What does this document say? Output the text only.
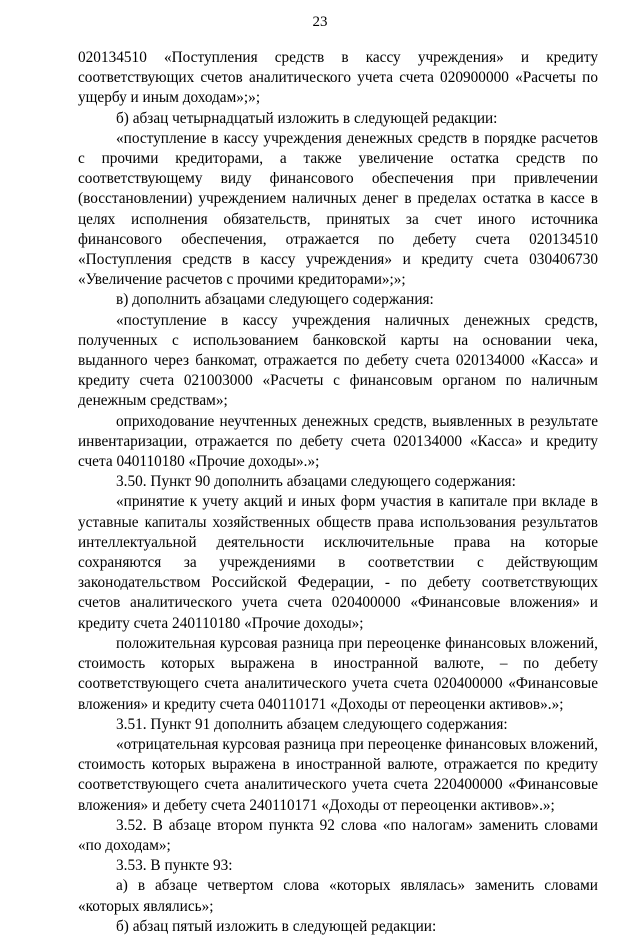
23

020134510 «Поступления средств в кассу учреждения» и кредиту соответствующих счетов аналитического учета счета 020900000 «Расчеты по ущербу и иным доходам»;»;

б) абзац четырнадцатый изложить в следующей редакции:

«поступление в кассу учреждения денежных средств в порядке расчетов с прочими кредиторами, а также увеличение остатка средств по соответствующему виду финансового обеспечения при привлечении (восстановлении) учреждением наличных денег в пределах остатка в кассе в целях исполнения обязательств, принятых за счет иного источника финансового обеспечения, отражается по дебету счета 020134510 «Поступления средств в кассу учреждения» и кредиту счета 030406730 «Увеличение расчетов с прочими кредиторами»;»;

в) дополнить абзацами следующего содержания:

«поступление в кассу учреждения наличных денежных средств, полученных с использованием банковской карты на основании чека, выданного через банкомат, отражается по дебету счета 020134000 «Касса» и кредиту счета 021003000 «Расчеты с финансовым органом по наличным денежным средствам»;

оприходование неучтенных денежных средств, выявленных в результате инвентаризации, отражается по дебету счета 020134000 «Касса» и кредиту счета 040110180 «Прочие доходы».»;

3.50. Пункт 90 дополнить абзацами следующего содержания:

«принятие к учету акций и иных форм участия в капитале при вкладе в уставные капиталы хозяйственных обществ права использования результатов интеллектуальной деятельности исключительные права на которые сохраняются за учреждениями в соответствии с действующим законодательством Российской Федерации, - по дебету соответствующих счетов аналитического учета счета 020400000 «Финансовые вложения» и кредиту счета 240110180 «Прочие доходы»;

положительная курсовая разница при переоценке финансовых вложений, стоимость которых выражена в иностранной валюте, – по дебету соответствующего счета аналитического учета счета 020400000 «Финансовые вложения» и кредиту счета 040110171 «Доходы от переоценки активов».»;

3.51. Пункт 91 дополнить абзацем следующего содержания:

«отрицательная курсовая разница при переоценке финансовых вложений, стоимость которых выражена в иностранной валюте, отражается по кредиту соответствующего счета аналитического учета счета 220400000 «Финансовые вложения» и дебету счета 240110171 «Доходы от переоценки активов».»;

3.52. В абзаце втором пункта 92 слова «по налогам» заменить словами «по доходам»;

3.53. В пункте 93:

а) в абзаце четвертом слова «которых являлась» заменить словами «которых являлись»;

б) абзац пятый изложить в следующей редакции:
